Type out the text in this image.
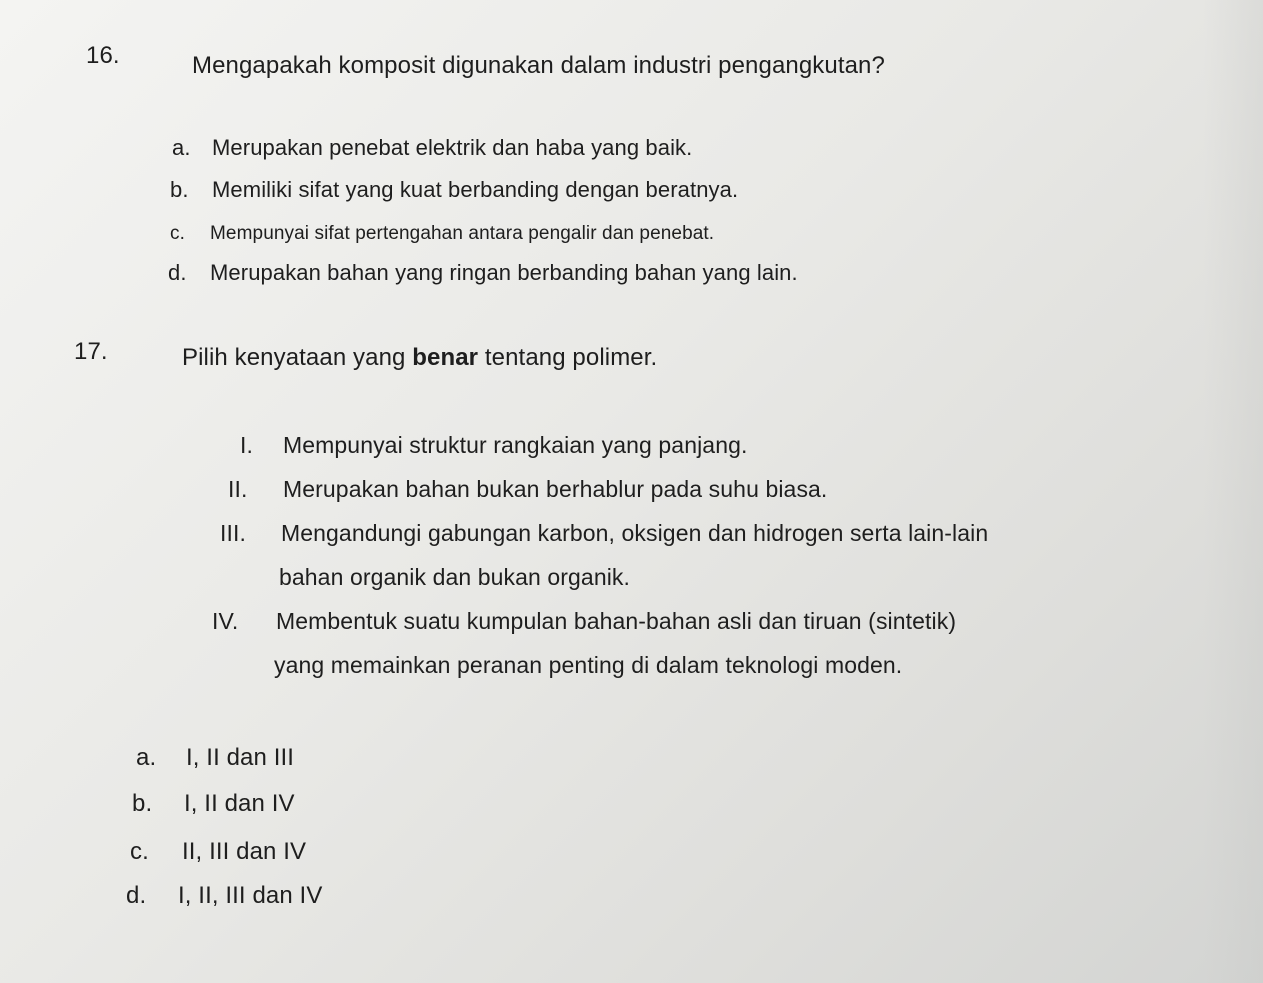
16.	Mengapakah komposit digunakan dalam industri pengangkutan?
a. Merupakan penebat elektrik dan haba yang baik.
b. Memiliki sifat yang kuat berbanding dengan beratnya.
c. Mempunyai sifat pertengahan antara pengalir dan penebat.
d. Merupakan bahan yang ringan berbanding bahan yang lain.
17.	Pilih kenyataan yang benar tentang polimer.
I. Mempunyai struktur rangkaian yang panjang.
II. Merupakan bahan bukan berhablur pada suhu biasa.
III. Mengandungi gabungan karbon, oksigen dan hidrogen serta lain-lain
bahan organik dan bukan organik.
IV. Membentuk suatu kumpulan bahan-bahan asli dan tiruan (sintetik)
yang memainkan peranan penting di dalam teknologi moden.
a. I, II dan III
b. I, II dan IV
c. II, III dan IV
d. I, II, III dan IV
